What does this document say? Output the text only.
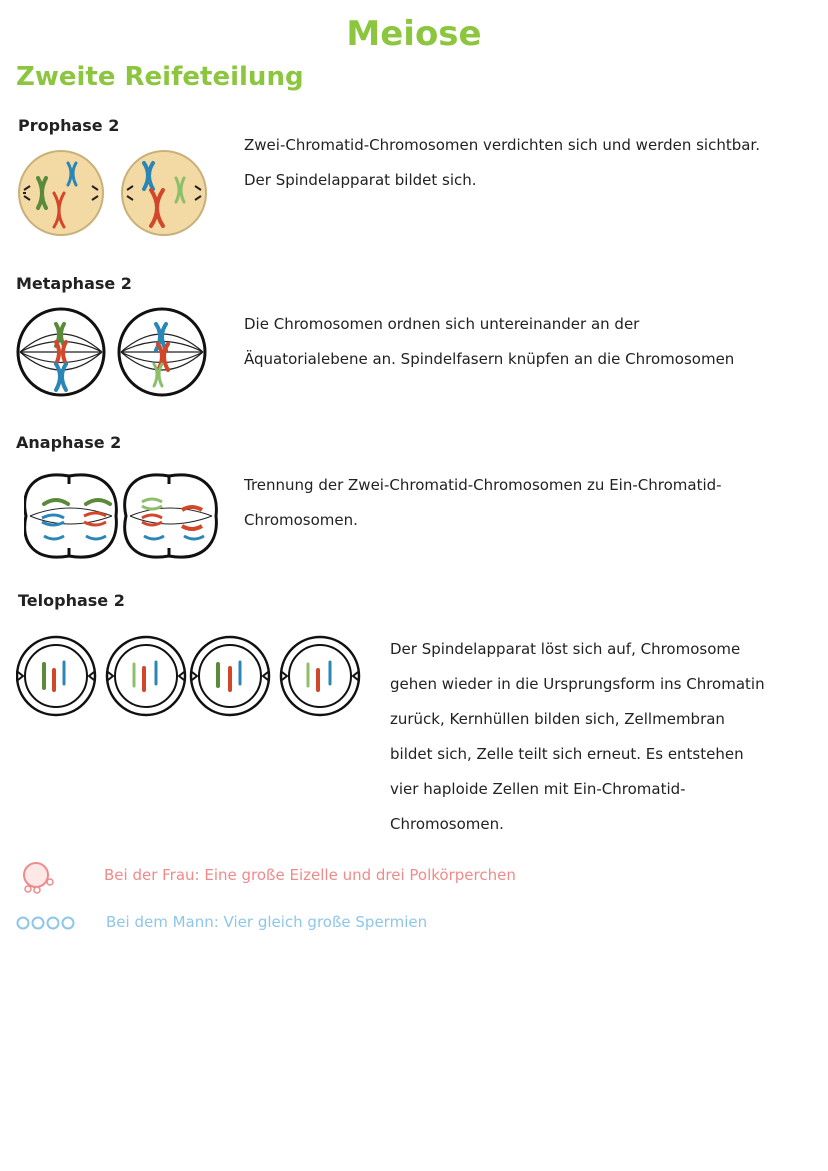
Meiose
Zweite Reifeteilung
Prophase 2
Zwei-Chromatid-Chromosomen verdichten sich und werden sichtbar.
Der Spindelapparat bildet sich.
Metaphase 2
Die Chromosomen ordnen sich untereinander an der
Äquatorialebene an. Spindelfasern knüpfen an die Chromosomen
Anaphase 2
Trennung der Zwei-Chromatid-Chromosomen zu Ein-Chromatid-
Chromosomen.
Telophase 2
Der Spindelapparat löst sich auf, Chromosome
gehen wieder in die Ursprungsform ins Chromatin
zurück, Kernhüllen bilden sich, Zellmembran
bildet sich, Zelle teilt sich erneut. Es entstehen
vier haploide Zellen mit Ein-Chromatid-
Chromosomen.
Bei der Frau: Eine große Eizelle und drei Polkörperchen
Bei dem Mann: Vier gleich große Spermien
